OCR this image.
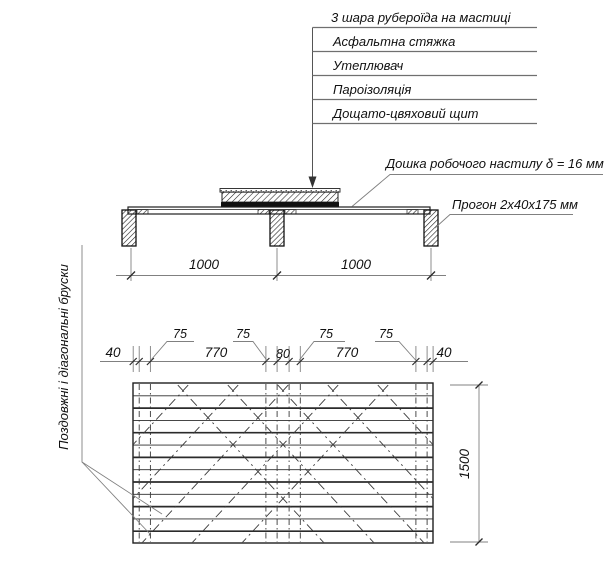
3 шара рубероїда на мастиці
Асфальтна стяжка
Утеплювач
Пароізоляція
Дощато-цвяховий щит
1000	1000
Дошка робочого настилу δ = 16 мм
Прогон 2x40x175 мм
40
75
770
75
80
75
770
75
40
1500
Поздовжні і діагональні бруски
